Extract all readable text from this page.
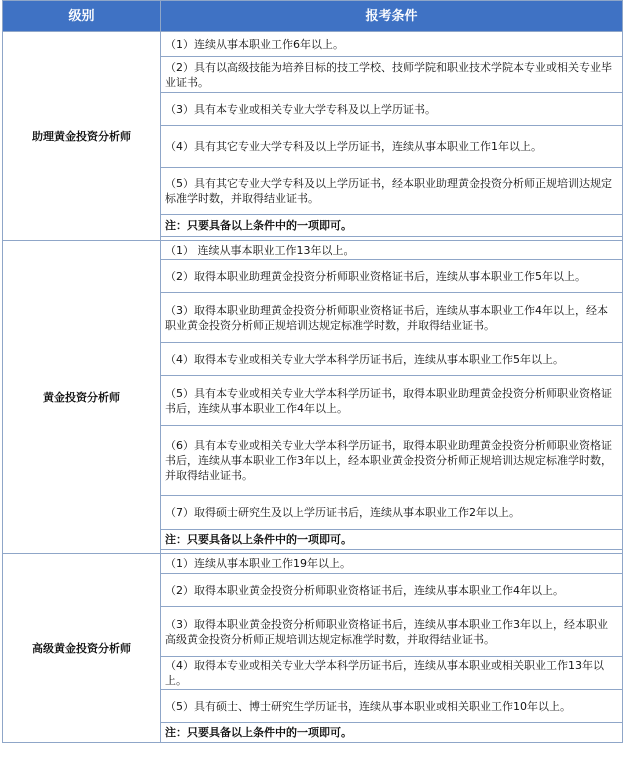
级别	报考条件
助理黄金投资分析师	（1）连续从事本职业工作6年以上。
	（2）具有以高级技能为培养目标的技工学校、技师学院和职业技术学院本专业或相关专业毕业证书。
	（3）具有本专业或相关专业大学专科及以上学历证书。
	（4）具有其它专业大学专科及以上学历证书，连续从事本职业工作1年以上。
	（5）具有其它专业大学专科及以上学历证书，经本职业助理黄金投资分析师正规培训达规定标准学时数，并取得结业证书。
	注：只要具备以上条件中的一项即可。

黄金投资分析师	（1） 连续从事本职业工作13年以上。
	（2）取得本职业助理黄金投资分析师职业资格证书后，连续从事本职业工作5年以上。
	（3）取得本职业助理黄金投资分析师职业资格证书后，连续从事本职业工作4年以上，经本职业黄金投资分析师正规培训达规定标准学时数，并取得结业证书。
	（4）取得本专业或相关专业大学本科学历证书后，连续从事本职业工作5年以上。
	（5）具有本专业或相关专业大学本科学历证书，取得本职业助理黄金投资分析师职业资格证书后，连续从事本职业工作4年以上。
	（6）具有本专业或相关专业大学本科学历证书，取得本职业助理黄金投资分析师职业资格证书后，连续从事本职业工作3年以上，经本职业黄金投资分析师正规培训达规定标准学时数，并取得结业证书。
	（7）取得硕士研究生及以上学历证书后，连续从事本职业工作2年以上。
	注：只要具备以上条件中的一项即可。

高级黄金投资分析师	（1）连续从事本职业工作19年以上。
	（2）取得本职业黄金投资分析师职业资格证书后，连续从事本职业工作4年以上。
	（3）取得本职业黄金投资分析师职业资格证书后，连续从事本职业工作3年以上，经本职业高级黄金投资分析师正规培训达规定标准学时数，并取得结业证书。
	（4）取得本专业或相关专业大学本科学历证书后，连续从事本职业或相关职业工作13年以上。
	（5）具有硕士、博士研究生学历证书，连续从事本职业或相关职业工作10年以上。
	注：只要具备以上条件中的一项即可。
